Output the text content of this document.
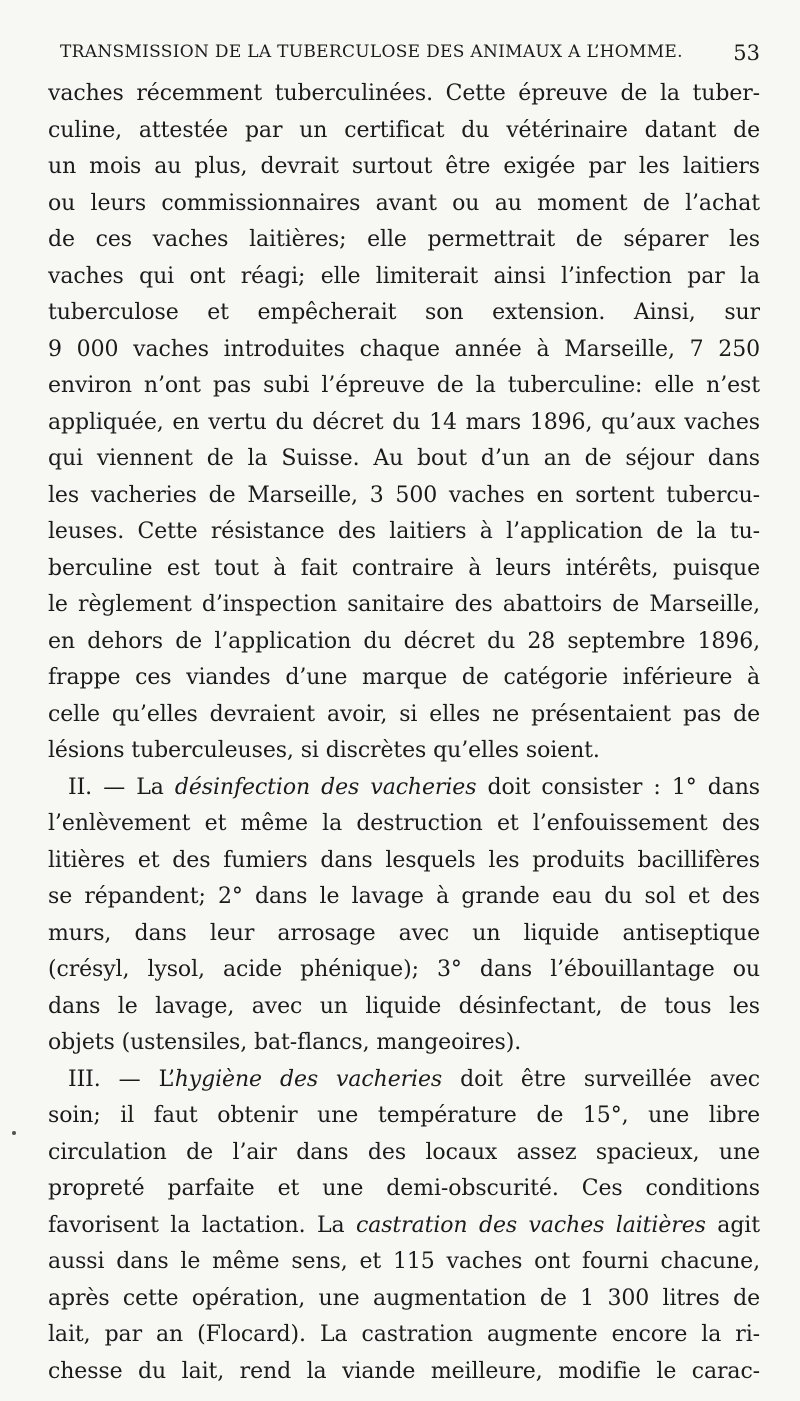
TRANSMISSION DE LA TUBERCULOSE DES ANIMAUX A L’HOMME. 53
vaches récemment tuberculinées. Cette épreuve de la tuber-
culine, attestée par un certificat du vétérinaire datant de
un mois au plus, devrait surtout être exigée par les laitiers
ou leurs commissionnaires avant ou au moment de l’achat
de ces vaches laitières; elle permettrait de séparer les
vaches qui ont réagi; elle limiterait ainsi l’infection par la
tuberculose et empêcherait son extension. Ainsi, sur
9 000 vaches introduites chaque année à Marseille, 7 250
environ n’ont pas subi l’épreuve de la tuberculine: elle n’est
appliquée, en vertu du décret du 14 mars 1896, qu’aux vaches
qui viennent de la Suisse. Au bout d’un an de séjour dans
les vacheries de Marseille, 3 500 vaches en sortent tubercu-
leuses. Cette résistance des laitiers à l’application de la tu-
berculine est tout à fait contraire à leurs intérêts, puisque
le règlement d’inspection sanitaire des abattoirs de Marseille,
en dehors de l’application du décret du 28 septembre 1896,
frappe ces viandes d’une marque de catégorie inférieure à
celle qu’elles devraient avoir, si elles ne présentaient pas de
lésions tuberculeuses, si discrètes qu’elles soient.
II. — La désinfection des vacheries doit consister : 1° dans
l’enlèvement et même la destruction et l’enfouissement des
litières et des fumiers dans lesquels les produits bacillifères
se répandent; 2° dans le lavage à grande eau du sol et des
murs, dans leur arrosage avec un liquide antiseptique
(crésyl, lysol, acide phénique); 3° dans l’ébouillantage ou
dans le lavage, avec un liquide désinfectant, de tous les
objets (ustensiles, bat-flancs, mangeoires).
III. — L’hygiène des vacheries doit être surveillée avec
soin; il faut obtenir une température de 15°, une libre
circulation de l’air dans des locaux assez spacieux, une
propreté parfaite et une demi-obscurité. Ces conditions
favorisent la lactation. La castration des vaches laitières agit
aussi dans le même sens, et 115 vaches ont fourni chacune,
après cette opération, une augmentation de 1 300 litres de
lait, par an (Flocard). La castration augmente encore la ri-
chesse du lait, rend la viande meilleure, modifie le carac-
